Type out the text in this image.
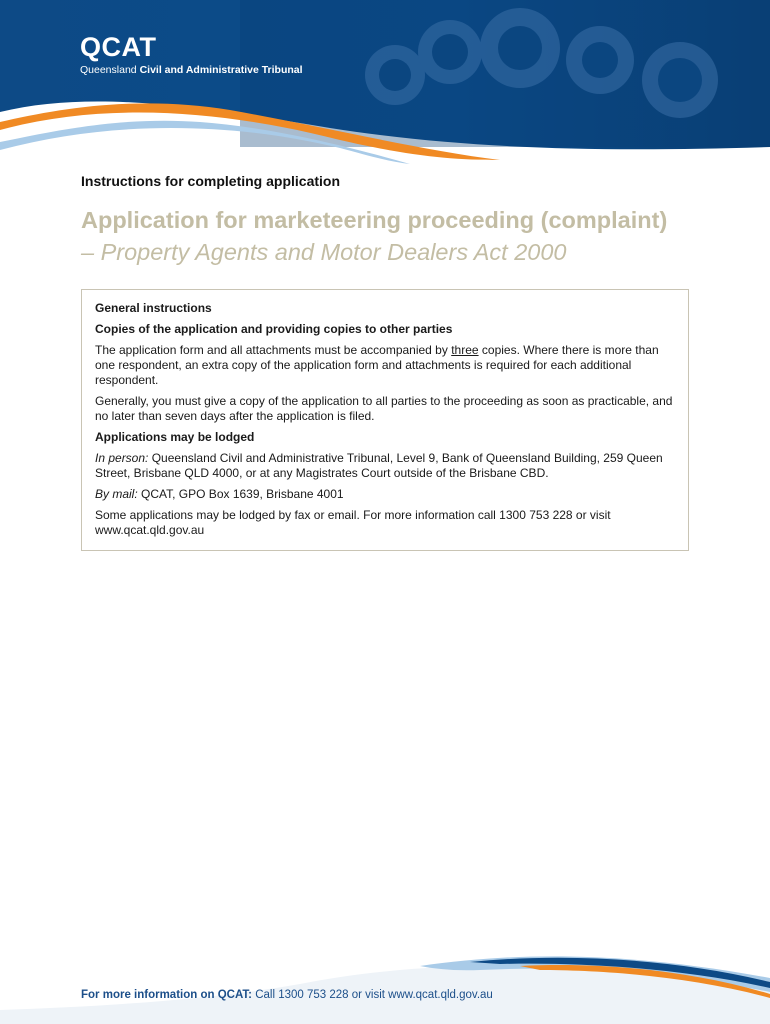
QCAT
Queensland Civil and Administrative Tribunal
Instructions for completing application
Application for marketeering proceeding (complaint)
– Property Agents and Motor Dealers Act 2000
General instructions
Copies of the application and providing copies to other parties

The application form and all attachments must be accompanied by three copies. Where there is more than one respondent, an extra copy of the application form and attachments is required for each additional respondent.

Generally, you must give a copy of the application to all parties to the proceeding as soon as practicable, and no later than seven days after the application is filed.

Applications may be lodged

In person: Queensland Civil and Administrative Tribunal, Level 9, Bank of Queensland Building, 259 Queen Street, Brisbane QLD 4000, or at any Magistrates Court outside of the Brisbane CBD.

By mail: QCAT, GPO Box 1639, Brisbane 4001

Some applications may be lodged by fax or email. For more information call 1300 753 228 or visit www.qcat.qld.gov.au

For more information on QCAT: Call 1300 753 228 or visit www.qcat.qld.gov.au
